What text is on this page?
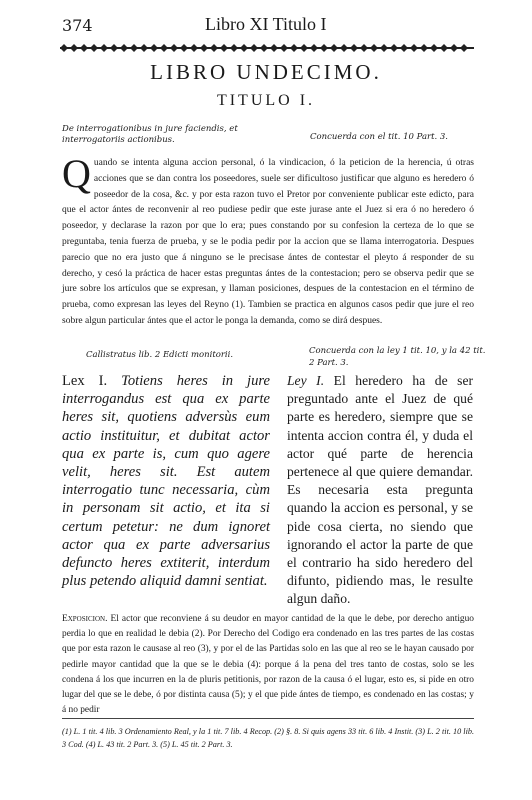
374	Libro XI Titulo I
LIBRO UNDECIMO.
TITULO I.
De interrogationibus in jure faciendis, et interrogatoriis actionibus.	Concuerda con el tit. 10 Part. 3.
Quando se intenta alguna accion personal, ó la vindicacion, ó la peticion de la herencia, ú otras acciones que se dan contra los poseedores, suele ser dificultoso justificar que alguno es heredero ó poseedor de la cosa, &c. y por esta razon tuvo el Pretor por conveniente publicar este edicto, para que el actor ántes de reconvenir al reo pudiese pedir que este jurase ante el Juez si era ó no heredero ó poseedor, y declarase la razon por que lo era; pues constando por su confesion la certeza de lo que se preguntaba, tenia fuerza de prueba, y se le podia pedir por la accion que se llama interrogatoria. Despues parecio que no era justo que á ninguno se le precisase ántes de contestar el pleyto á responder de su derecho, y cesó la práctica de hacer estas preguntas ántes de la contestacion; pero se observa pedir que se jure sobre los artículos que se expresan, y llaman posiciones, despues de la contestacion en el término de prueba, como expresan las leyes del Reyno (1). Tambien se practica en algunos casos pedir que jure el reo sobre algun particular ántes que el actor le ponga la demanda, como se dirá despues.
Callistratus lib. 2 Edicti monitorii.	Concuerda con la ley 1 tit. 10, y la 42 tit. 2 Part. 3.
Lex I. Totiens heres in jure interrogandus est qua ex parte heres sit, quotiens adversùs eum actio instituitur, et dubitat actor qua ex parte is, cum quo agere velit, heres sit. Est autem interrogatio tunc necessaria, cùm in personam sit actio, et ita si certum petetur: ne dum ignoret actor qua ex parte adversarius defuncto heres extiterit, interdum plus petendo aliquid damni sentiat.
Ley I. El heredero ha de ser preguntado ante el Juez de qué parte es heredero, siempre que se intenta accion contra él, y duda el actor qué parte de herencia pertenece al que quiere demandar. Es necesaria esta pregunta quando la accion es personal, y se pide cosa cierta, no siendo que ignorando el actor la parte de que el contrario ha sido heredero del difunto, pidiendo mas, le resulte algun daño.
Exposicion. El actor que reconviene á su deudor en mayor cantidad de la que le debe, por derecho antiguo perdia lo que en realidad le debia (2). Por Derecho del Codigo era condenado en las tres partes de las costas que por esta razon le causase al reo (3), y por el de las Partidas solo en las que al reo se le hayan causado por pedirle mayor cantidad que la que se le debia (4): porque á la pena del tres tanto de costas, solo se les condena á los que incurren en la de pluris petitionis, por razon de la causa ó el lugar, esto es, si pide en otro lugar del que se le debe, ó por distinta causa (5); y el que pide ántes de tiempo, es condenado en las costas; y á no pedir
(1) L. 1 tit. 4 lib. 3 Ordenamiento Real, y la 1 tit. 7 lib. 4 Recop. (2) §. 8. Si quis agens 33 tit. 6 lib. 4 Instit. (3) L. 2 tit. 10 lib. 3 Cod. (4) L. 43 tit. 2 Part. 3. (5) L. 45 tit. 2 Part. 3.
